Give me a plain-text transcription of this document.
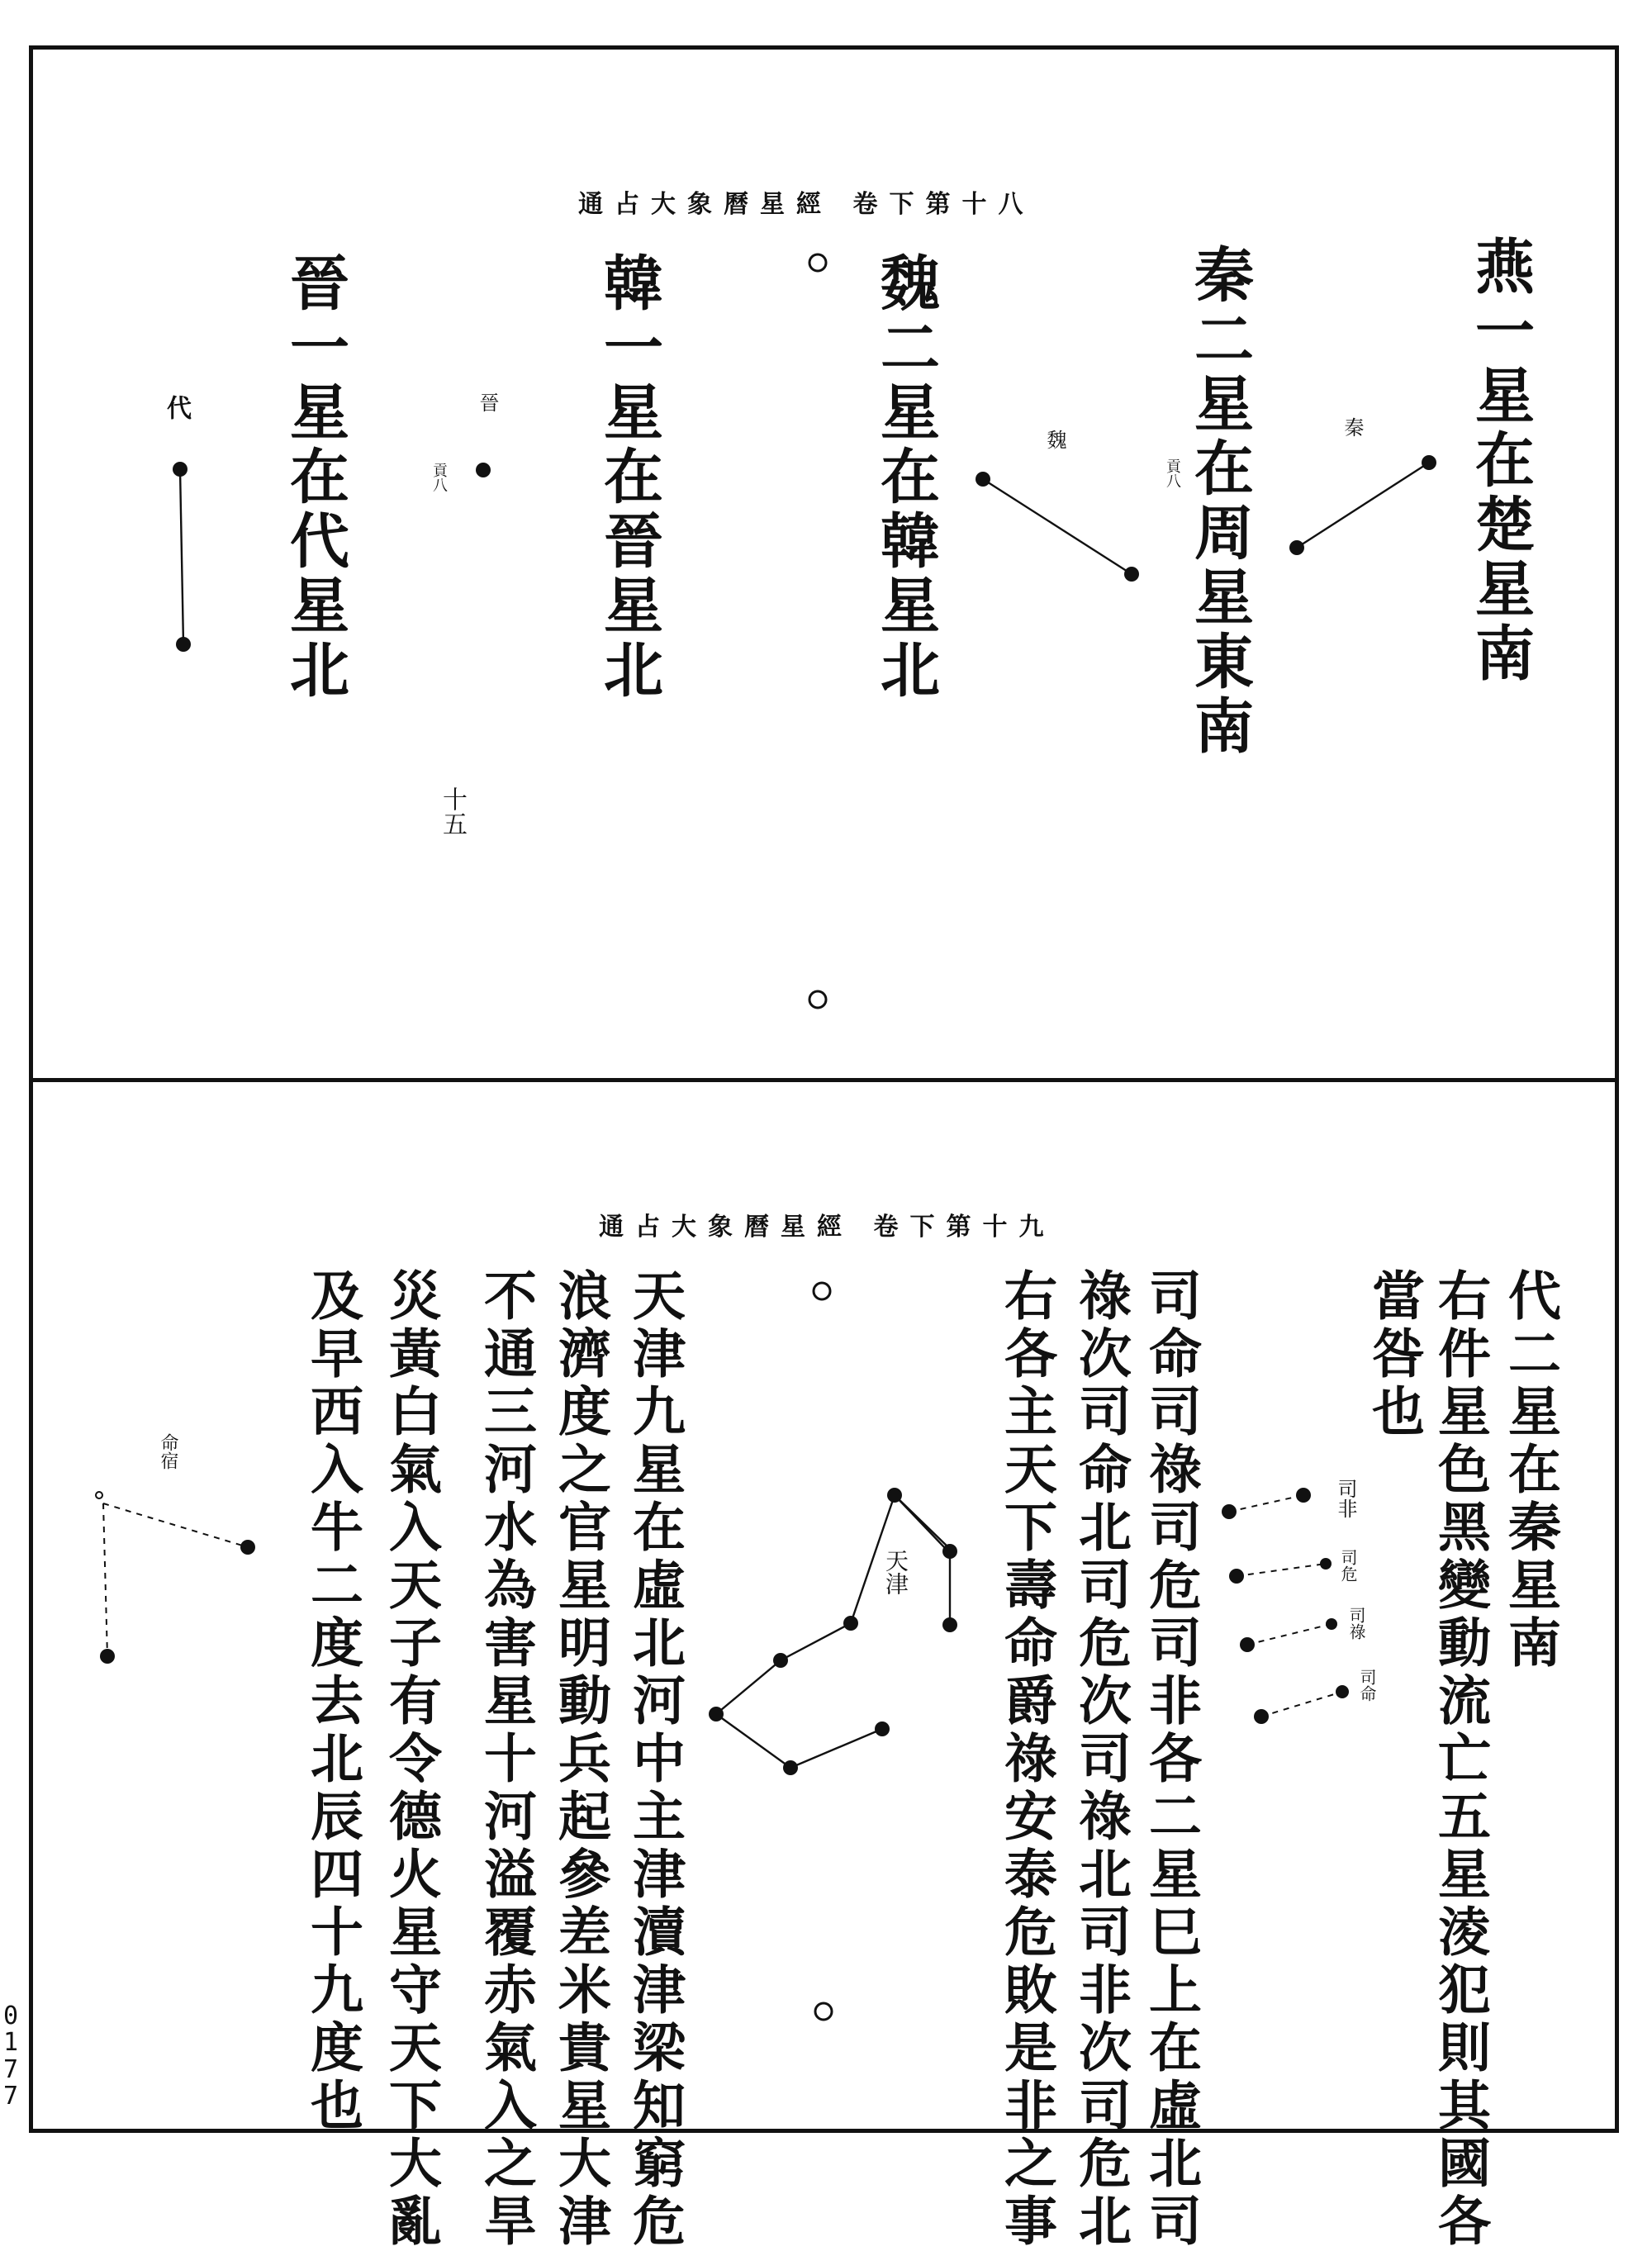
通占大象曆星經 卷下第十八
燕一星在楚星南
秦二星在周星東南
魏二星在韓星北
韓一星在晉星北
晉一星在代星北	秦
貢八
魏
晉
貢八
代
十五
通占大象曆星經 卷下第十九
代二星在秦星南
右件星色黑變動流亡五星淩犯則其國各
當咎也
司命司祿司危司非各二星巳上在虛北司
祿次司命北司危次司祿北司非次司危北
右各主天下壽命爵祿安泰危敗是非之事
天津九星在虛北河中主津瀆津梁知窮危
浪濟度之官星明動兵起參差米貴星大津
不通三河水為害星十河溢覆赤氣入之旱
災黃白氣入天子有令德火星守天下大亂
及早西入牛二度去北辰四十九度也	司非
司危
司祿
司命
天津
命宿
0177
